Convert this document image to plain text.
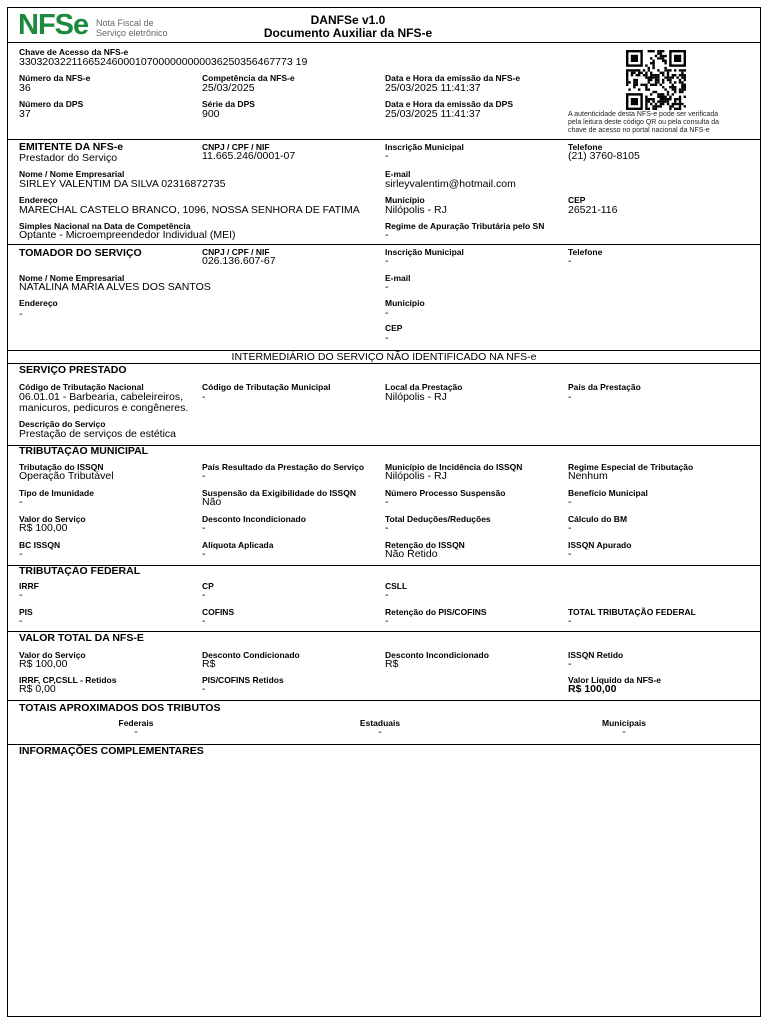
NFSe Nota Fiscal de
Serviço eletrônico
DANFSe v1.0
Documento Auxiliar da NFS-e
Chave de Acesso da NFS-e
33032032211665246000107000000000036250356467773 19
Número da NFS-e
36
Competência da NFS-e
25/03/2025
Data e Hora da emissão da NFS-e
25/03/2025 11:41:37
Número da DPS
37
Série da DPS
900
Data e Hora da emissão da DPS
25/03/2025 11:41:37	A autenticidade desta NFS-e pode ser verificada
pela leitura deste código QR ou pela consulta da
chave de acesso no portal nacional da NFS-e
EMITENTE DA NFS-e
Prestador do Serviço
CNPJ / CPF / NIF
11.665.246/0001-07
Inscrição Municipal
-
Telefone
(21) 3760-8105
Nome / Nome Empresarial
SIRLEY VALENTIM DA SILVA 02316872735
E-mail
sirleyvalentim@hotmail.com
Endereço
MARECHAL CASTELO BRANCO, 1096, NOSSA SENHORA DE FATIMA
Município
Nilópolis - RJ
CEP
26521-116
Simples Nacional na Data de Competência
Optante - Microempreendedor Individual (MEI)
Regime de Apuração Tributária pelo SN
-
TOMADOR DO SERVIÇO	CNPJ / CPF / NIF
026.136.607-67
Inscrição Municipal
-
Telefone
-
Nome / Nome Empresarial
NATALINA MARIA ALVES DOS SANTOS
E-mail
-
Endereço
-
Município
-
CEP
-
INTERMEDIÁRIO DO SERVIÇO NÃO IDENTIFICADO NA NFS-e
SERVIÇO PRESTADO
Código de Tributação Nacional
06.01.01 - Barbearia, cabeleireiros,
manicuros, pedicuros e congêneres.
Código de Tributação Municipal
-
Local da Prestação
Nilópolis - RJ
País da Prestação
-
Descrição do Serviço
Prestação de serviços de estética
TRIBUTAÇÃO MUNICIPAL
TRIBUTAÇÃO FEDERAL
VALOR TOTAL DA NFS-E
TOTAIS APROXIMADOS DOS TRIBUTOS
Federais
-
Estaduais
-
Municipais
-
INFORMAÇÕES COMPLEMENTARES
Tributação do ISSQN
Operação Tributável
País Resultado da Prestação do Serviço
-
Município de Incidência do ISSQN
Nilópolis - RJ
Regime Especial de Tributação
Nenhum
Tipo de Imunidade
-
Suspensão da Exigibilidade do ISSQN
Não
Número Processo Suspensão
-
Benefício Municipal
-
Valor do Serviço
R$ 100,00
Desconto Incondicionado
-
Total Deduções/Reduções
-
Cálculo do BM
-
BC ISSQN
-
Alíquota Aplicada
-
Retenção do ISSQN
Não Retido
ISSQN Apurado
-
IRRF
-
CP
-
CSLL
-
PIS
-
COFINS
-
Retenção do PIS/COFINS
-
TOTAL TRIBUTAÇÃO FEDERAL
-
Valor do Serviço
R$ 100,00
Desconto Condicionado
R$
Desconto Incondicionado
R$
ISSQN Retido
-
IRRF, CP,CSLL - Retidos
R$ 0,00
PIS/COFINS Retidos
-
Valor Líquido da NFS-e
R$ 100,00
